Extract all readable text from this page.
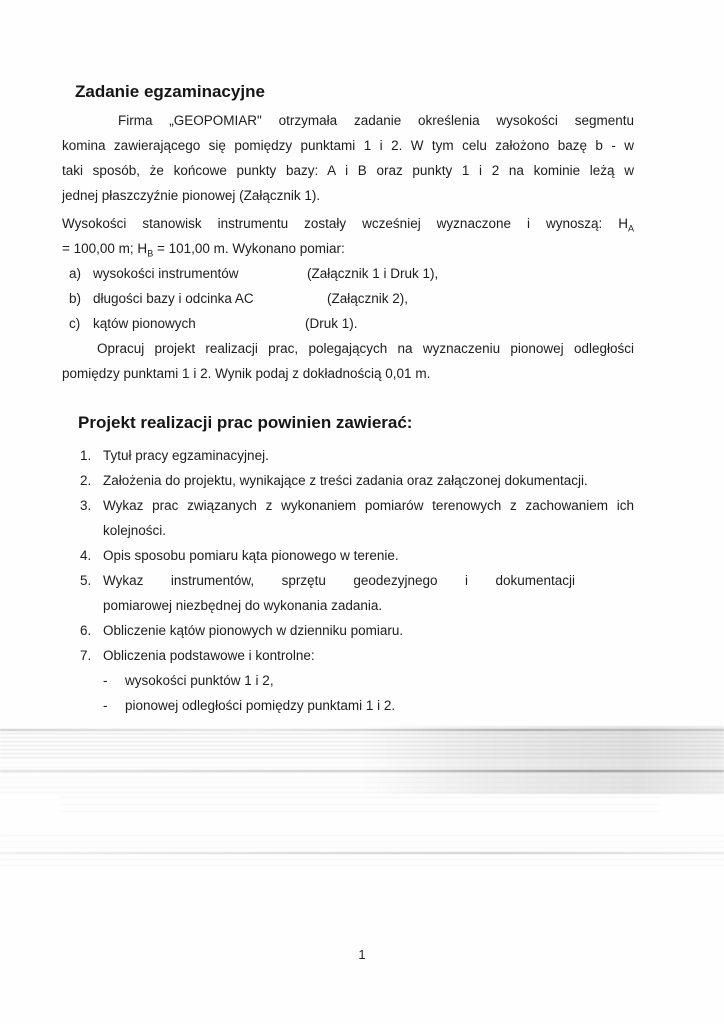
Zadanie egzaminacyjne
Firma „GEOPOMIAR" otrzymała zadanie określenia wysokości segmentu
komina zawierającego się pomiędzy punktami 1 i 2. W tym celu założono bazę b - w
taki sposób, że końcowe punkty bazy: A i B oraz punkty 1 i 2 na kominie leżą w
jednej płaszczyźnie pionowej (Załącznik 1).
Wysokości stanowisk instrumentu zostały wcześniej wyznaczone i wynoszą: $H_A$
= 100,00 m; $H_B = 101,00$ m. Wykonano pomiar:
a) wysokości instrumentów	(Załącznik 1 i Druk 1),
b) długości bazy i odcinka AC	(Załącznik 2),
c) kątów pionowych	(Druk 1).
Opracuj projekt realizacji prac, polegających na wyznaczeniu pionowej odległości
pomiędzy punktami 1 i 2. Wynik podaj z dokładnością 0,01 m.
Projekt realizacji prac powinien zawierać:
1. Tytuł pracy egzaminacyjnej.
2. Założenia do projektu, wynikające z treści zadania oraz załączonej dokumentacji.
3. Wykaz prac związanych z wykonaniem pomiarów terenowych z zachowaniem ich
kolejności.
4. Opis sposobu pomiaru kąta pionowego w terenie.
5. Wykaz instrumentów, sprzętu geodezyjnego i dokumentacji
pomiarowej niezbędnej do wykonania zadania.
6. Obliczenie kątów pionowych w dzienniku pomiaru.
7. Obliczenia podstawowe i kontrolne:
- wysokości punktów 1 i 2,
- pionowej odległości pomiędzy punktami 1 i 2.
1
